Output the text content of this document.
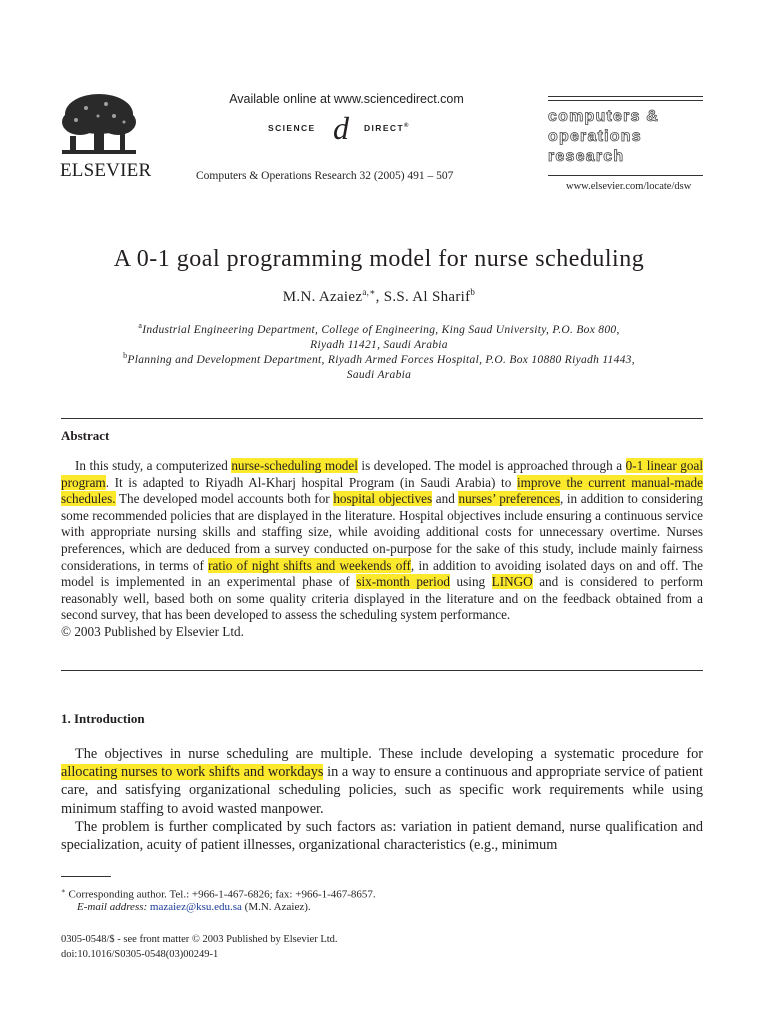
ELSEVIER
Available online at www.sciencedirect.com
SCIENCE d DIRECT®
Computers & Operations Research 32 (2005) 491 – 507
computers &
operations
research
www.elsevier.com/locate/dsw
A 0-1 goal programming model for nurse scheduling
M.N. Azaiez$^{a,∗}$, S.S. Al Sharif$^b$
$^a$Industrial Engineering Department, College of Engineering, King Saud University, P.O. Box 800,
Riyadh 11421, Saudi Arabia
$^b$Planning and Development Department, Riyadh Armed Forces Hospital, P.O. Box 10880 Riyadh 11443,
Saudi Arabia
Abstract

In this study, a computerized nurse-scheduling model is developed. The model is approached through a 0-1 linear goal program. It is adapted to Riyadh Al-Kharj hospital Program (in Saudi Arabia) to improve the current manual-made schedules. The developed model accounts both for hospital objectives and nurses’ preferences, in addition to considering some recommended policies that are displayed in the literature. Hospital objectives include ensuring a continuous service with appropriate nursing skills and staffing size, while avoiding additional costs for unnecessary overtime. Nurses preferences, which are deduced from a survey conducted on-purpose for the sake of this study, include mainly fairness considerations, in terms of ratio of night shifts and weekends off, in addition to avoiding isolated days on and off. The model is implemented in an experimental phase of six-month period using LINGO and is considered to perform reasonably well, based both on some quality criteria displayed in the literature and on the feedback obtained from a second survey, that has been developed to assess the scheduling system performance.

© 2003 Published by Elsevier Ltd.

1. Introduction

The objectives in nurse scheduling are multiple. These include developing a systematic procedure for allocating nurses to work shifts and workdays in a way to ensure a continuous and appropriate service of patient care, and satisfying organizational scheduling policies, such as specific work requirements while using minimum staffing to avoid wasted manpower.

The problem is further complicated by such factors as: variation in patient demand, nurse qualification and specialization, acuity of patient illnesses, organizational characteristics (e.g., minimum

∗ Corresponding author. Tel.: +966-1-467-6826; fax: +966-1-467-8657.
E-mail address: mazaiez@ksu.edu.sa (M.N. Azaiez).
0305-0548/$ - see front matter © 2003 Published by Elsevier Ltd.
doi:10.1016/S0305-0548(03)00249-1
